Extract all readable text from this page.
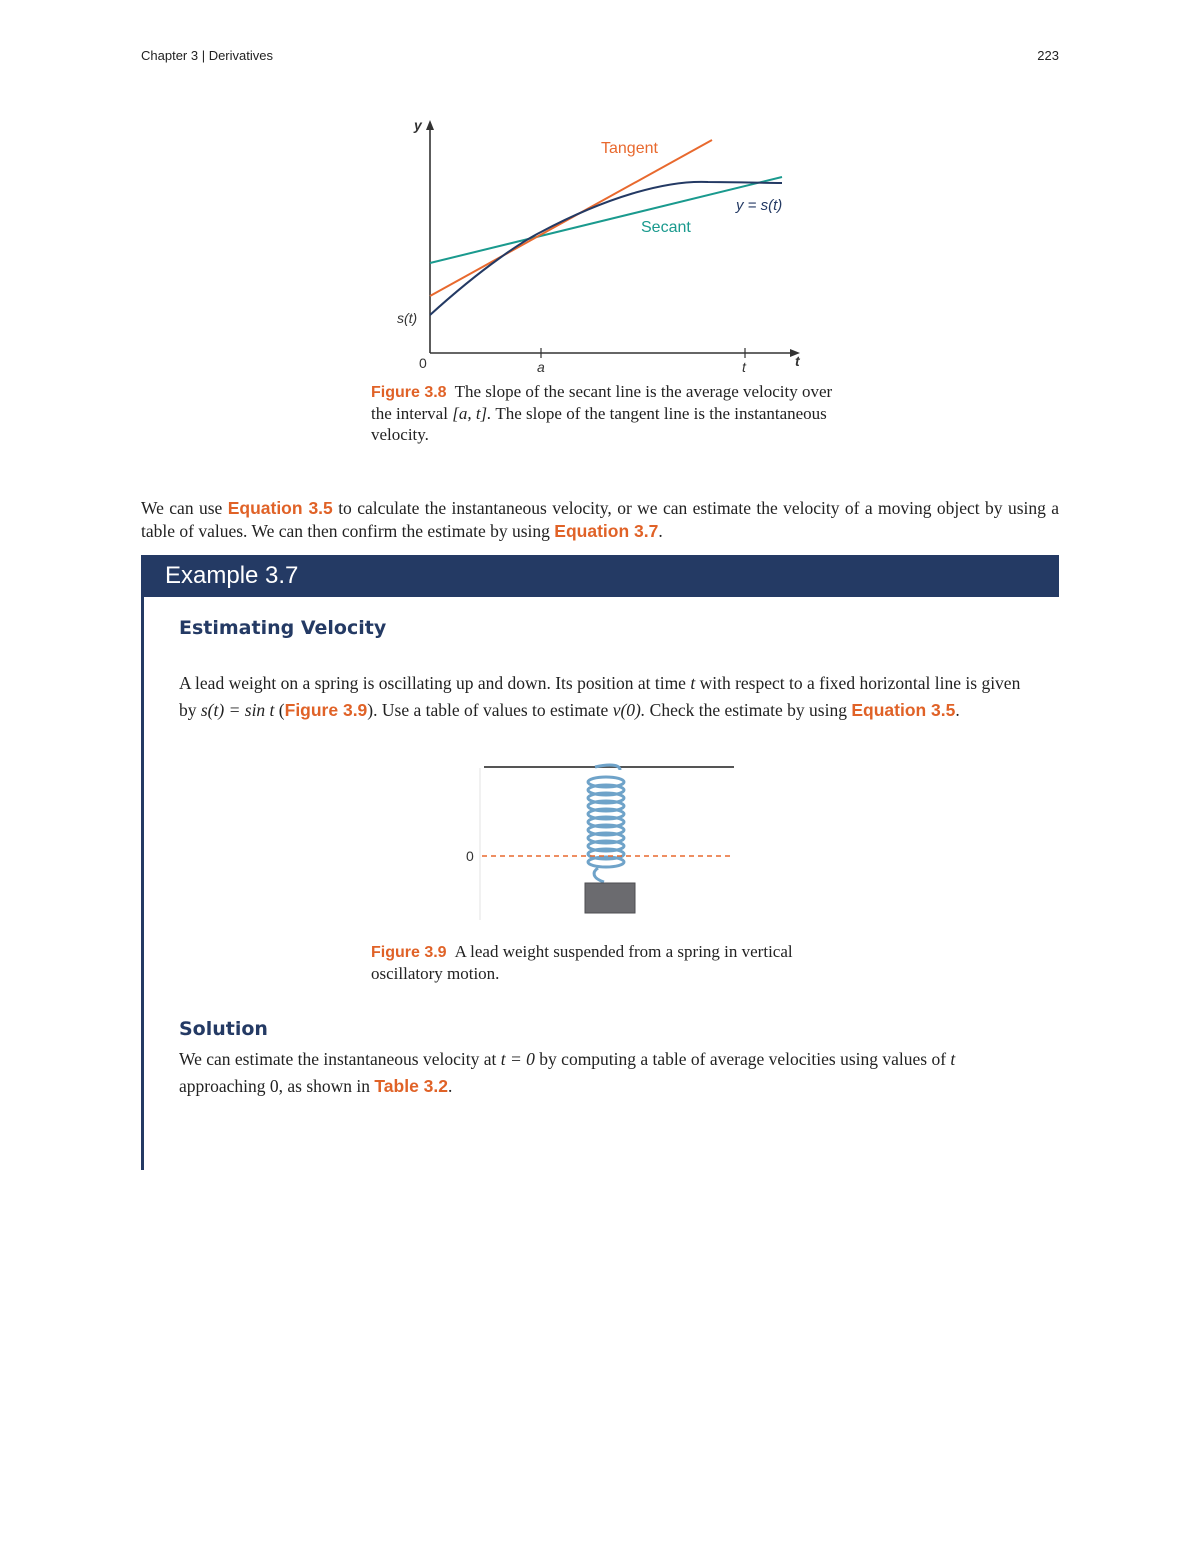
Chapter 3 | Derivatives	223
y
t
0	a	t
s(t)
Tangent
Secant
y = s(t)
Figure 3.8 The slope of the secant line is the average velocity over the interval [a, t]. The slope of the tangent line is the instantaneous velocity.
We can use Equation 3.5 to calculate the instantaneous velocity, or we can estimate the velocity of a moving object by using a table of values. We can then confirm the estimate by using Equation 3.7.
Example 3.7
Estimating Velocity
A lead weight on a spring is oscillating up and down. Its position at time t with respect to a fixed horizontal line is given by s(t) = sin t (Figure 3.9). Use a table of values to estimate v(0). Check the estimate by using Equation 3.5.
0
Figure 3.9 A lead weight suspended from a spring in vertical oscillatory motion.
Solution
We can estimate the instantaneous velocity at t = 0 by computing a table of average velocities using values of t approaching 0, as shown in Table 3.2.
